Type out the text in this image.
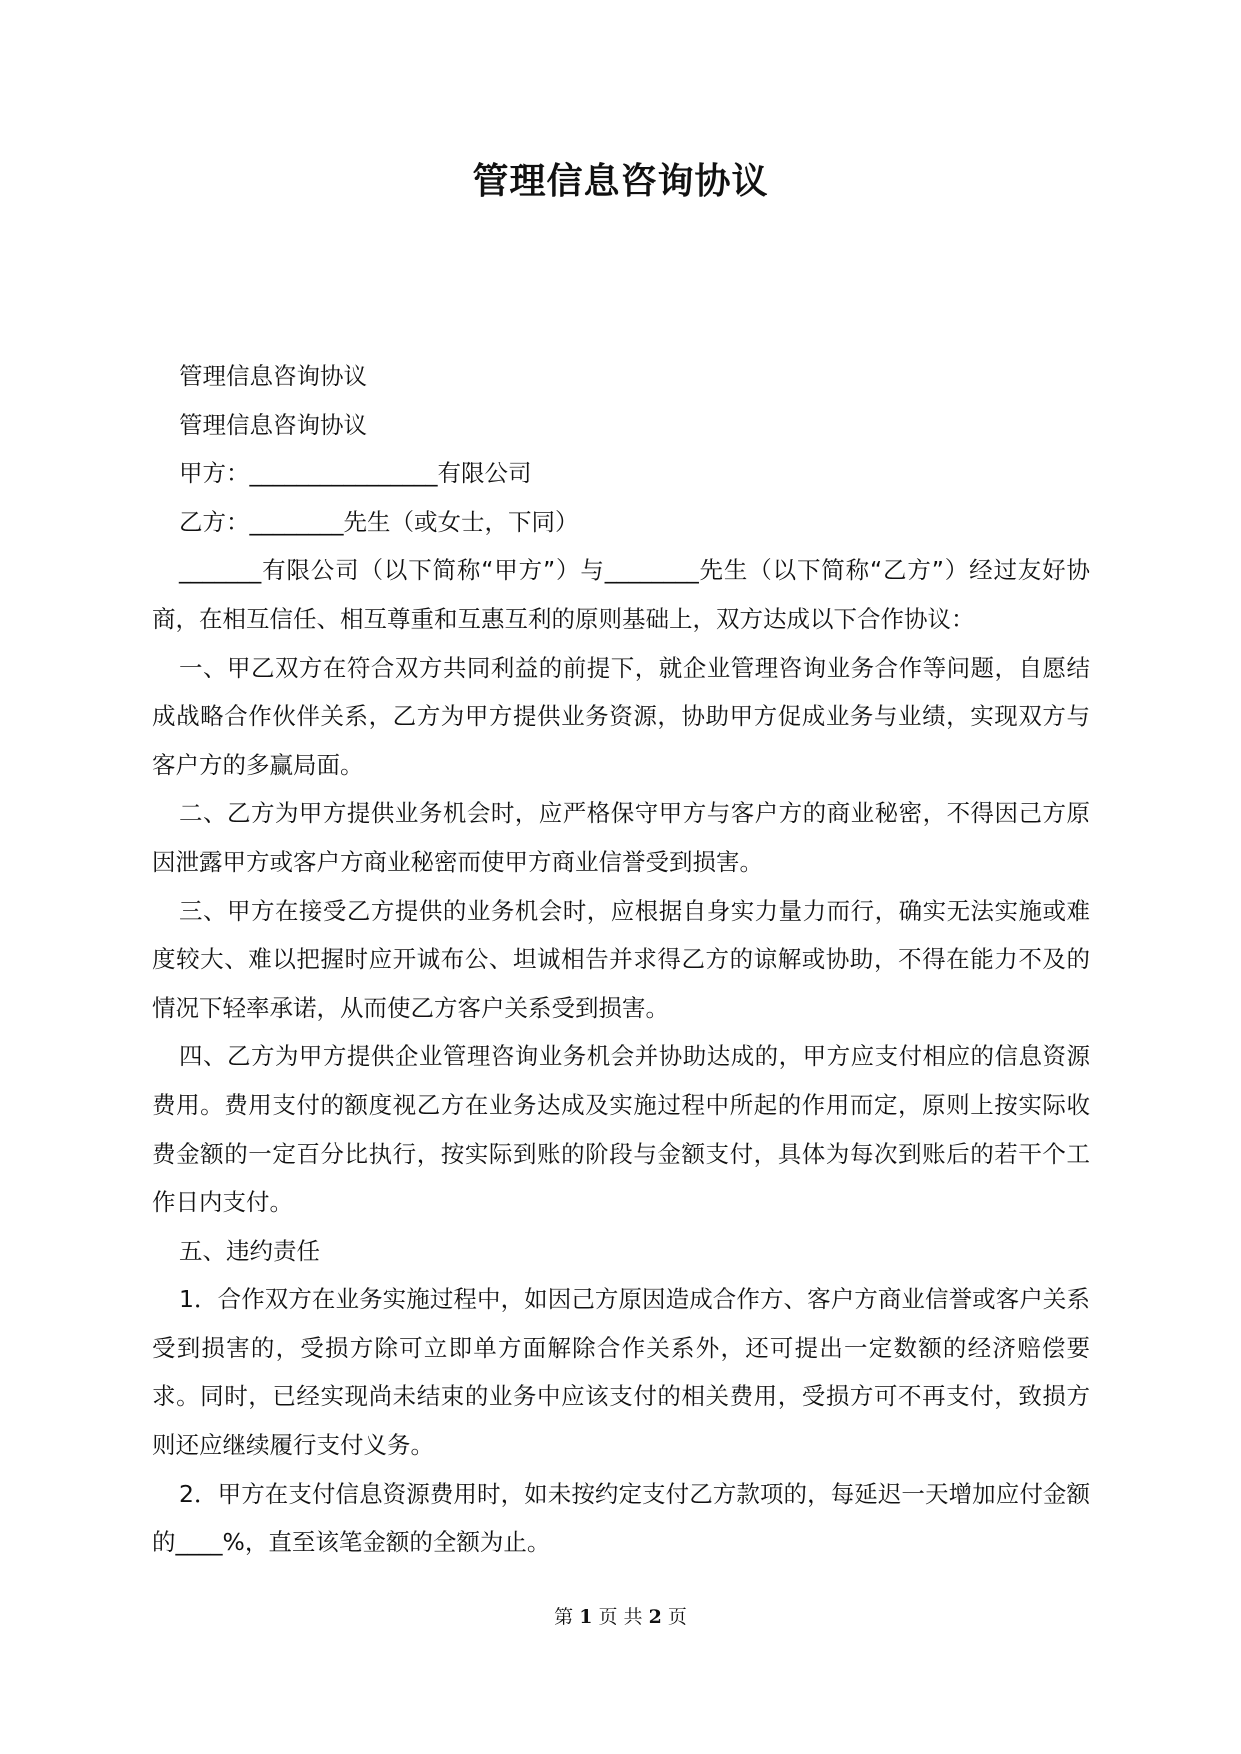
管理信息咨询协议

管理信息咨询协议

管理信息咨询协议

甲方：________________有限公司

乙方：________先生（或女士，下同）

_______有限公司（以下简称“甲方”）与________先生（以下简称“乙方”）经过友好协商，在相互信任、相互尊重和互惠互利的原则基础上，双方达成以下合作协议：

一、甲乙双方在符合双方共同利益的前提下，就企业管理咨询业务合作等问题，自愿结成战略合作伙伴关系，乙方为甲方提供业务资源，协助甲方促成业务与业绩，实现双方与客户方的多赢局面。

二、乙方为甲方提供业务机会时，应严格保守甲方与客户方的商业秘密，不得因己方原因泄露甲方或客户方商业秘密而使甲方商业信誉受到损害。

三、甲方在接受乙方提供的业务机会时，应根据自身实力量力而行，确实无法实施或难度较大、难以把握时应开诚布公、坦诚相告并求得乙方的谅解或协助，不得在能力不及的情况下轻率承诺，从而使乙方客户关系受到损害。

四、乙方为甲方提供企业管理咨询业务机会并协助达成的，甲方应支付相应的信息资源费用。费用支付的额度视乙方在业务达成及实施过程中所起的作用而定，原则上按实际收费金额的一定百分比执行，按实际到账的阶段与金额支付，具体为每次到账后的若干个工作日内支付。

五、违约责任

1．合作双方在业务实施过程中，如因己方原因造成合作方、客户方商业信誉或客户关系受到损害的，受损方除可立即单方面解除合作关系外，还可提出一定数额的经济赔偿要求。同时，已经实现尚未结束的业务中应该支付的相关费用，受损方可不再支付，致损方则还应继续履行支付义务。

2．甲方在支付信息资源费用时，如未按约定支付乙方款项的，每延迟一天增加应付金额的____%，直至该笔金额的全额为止。

第 1 页 共 2 页
